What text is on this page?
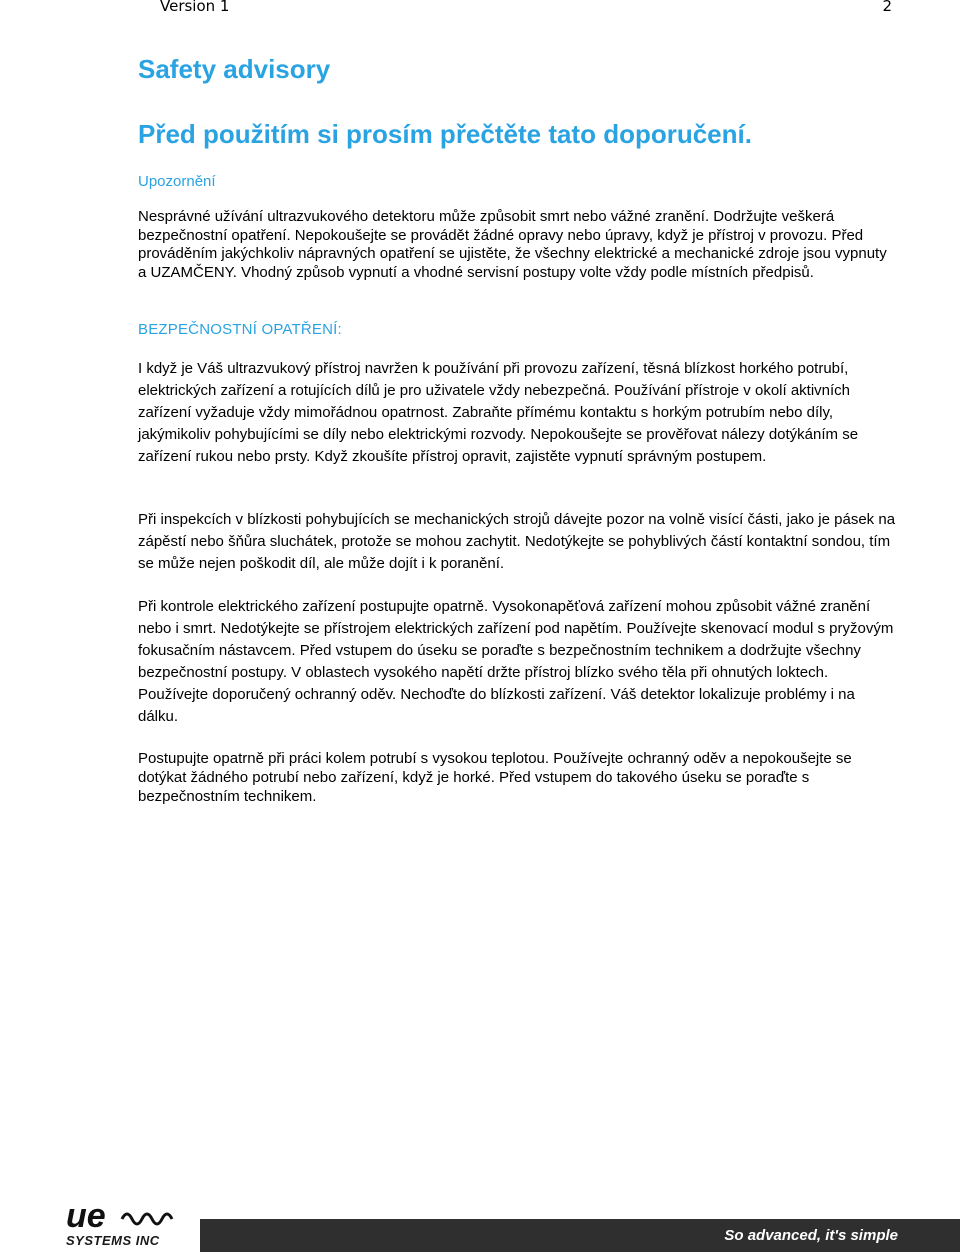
Version 1	2
Safety advisory
Před použitím si prosím přečtěte tato doporučení.
Upozornění
Nesprávné užívání ultrazvukového detektoru může způsobit smrt nebo vážné zranění. Dodržujte veškerá bezpečnostní opatření. Nepokoušejte se provádět žádné opravy nebo úpravy, když je přístroj v provozu. Před prováděním jakýchkoliv nápravných opatření se ujistěte, že všechny elektrické a mechanické zdroje jsou vypnuty a UZAMČENY. Vhodný způsob vypnutí a vhodné servisní postupy volte vždy podle místních předpisů.
BEZPEČNOSTNÍ OPATŘENÍ:
I když je Váš ultrazvukový přístroj navržen k používání při provozu zařízení, těsná blízkost horkého potrubí, elektrických zařízení a rotujících dílů je pro uživatele vždy nebezpečná. Používání přístroje v okolí aktivních zařízení vyžaduje vždy mimořádnou opatrnost. Zabraňte přímému kontaktu s horkým potrubím nebo díly, jakýmikoliv pohybujícími se díly nebo elektrickými rozvody. Nepokoušejte se prověřovat nálezy dotýkáním se zařízení rukou nebo prsty. Když zkoušíte přístroj opravit, zajistěte vypnutí správným postupem.
Při inspekcích v blízkosti pohybujících se mechanických strojů dávejte pozor na volně visící části, jako je pásek na zápěstí nebo šňůra sluchátek, protože se mohou zachytit. Nedotýkejte se pohyblivých částí kontaktní sondou, tím se může nejen poškodit díl, ale může dojít i k poranění.
Při kontrole elektrického zařízení postupujte opatrně. Vysokonapěťová zařízení mohou způsobit vážné zranění nebo i smrt. Nedotýkejte se přístrojem elektrických zařízení pod napětím. Používejte skenovací modul s pryžovým fokusačním nástavcem. Před vstupem do úseku se poraďte s bezpečnostním technikem a dodržujte všechny bezpečnostní postupy. V oblastech vysokého napětí držte přístroj blízko svého těla při ohnutých loktech. Používejte doporučený ochranný oděv. Nechoďte do blízkosti zařízení. Váš detektor lokalizuje problémy i na dálku.
Postupujte opatrně při práci kolem potrubí s vysokou teplotou. Používejte ochranný oděv a nepokoušejte se dotýkat žádného potrubí nebo zařízení, když je horké. Před vstupem do takového úseku se poraďte s bezpečnostním technikem.
ue
SYSTEMS INC	So advanced, it's simple
